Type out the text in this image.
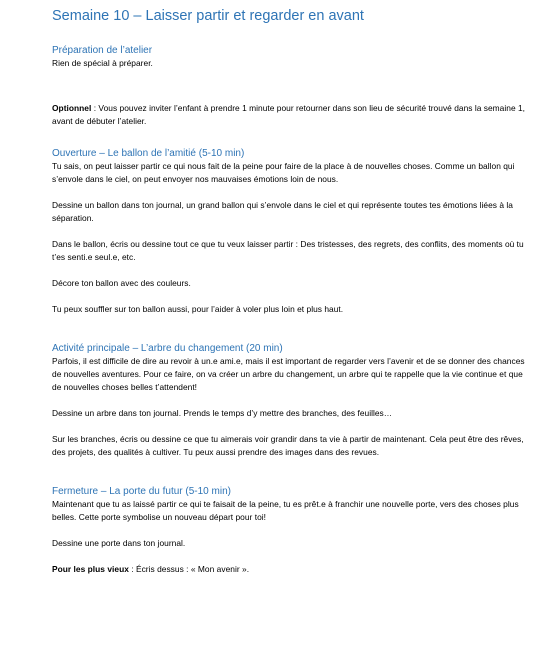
Semaine 10 – Laisser partir et regarder en avant
Préparation de l’atelier

Rien de spécial à préparer.

Optionnel : Vous pouvez inviter l’enfant à prendre 1 minute pour retourner dans son lieu de sécurité trouvé dans la semaine 1, avant de débuter l’atelier.

Ouverture – Le ballon de l’amitié (5-10 min)

Tu sais, on peut laisser partir ce qui nous fait de la peine pour faire de la place à de nouvelles choses. Comme un ballon qui s’envole dans le ciel, on peut envoyer nos mauvaises émotions loin de nous.

Dessine un ballon dans ton journal, un grand ballon qui s’envole dans le ciel et qui représente toutes tes émotions liées à la séparation.

Dans le ballon, écris ou dessine tout ce que tu veux laisser partir : Des tristesses, des regrets, des conflits, des moments où tu t’es senti.e seul.e, etc.

Décore ton ballon avec des couleurs.

Tu peux souffler sur ton ballon aussi, pour l’aider à voler plus loin et plus haut.

Activité principale – L’arbre du changement (20 min)

Parfois, il est difficile de dire au revoir à un.e ami.e, mais il est important de regarder vers l’avenir et de se donner des chances de nouvelles aventures. Pour ce faire, on va créer un arbre du changement, un arbre qui te rappelle que la vie continue et que de nouvelles choses belles t’attendent!

Dessine un arbre dans ton journal. Prends le temps d’y mettre des branches, des feuilles…

Sur les branches, écris ou dessine ce que tu aimerais voir grandir dans ta vie à partir de maintenant. Cela peut être des rêves, des projets, des qualités à cultiver. Tu peux aussi prendre des images dans des revues.

Fermeture – La porte du futur (5-10 min)

Maintenant que tu as laissé partir ce qui te faisait de la peine, tu es prêt.e à franchir une nouvelle porte, vers des choses plus belles. Cette porte symbolise un nouveau départ pour toi!

Dessine une porte dans ton journal.

Pour les plus vieux : Écris dessus : « Mon avenir ».
